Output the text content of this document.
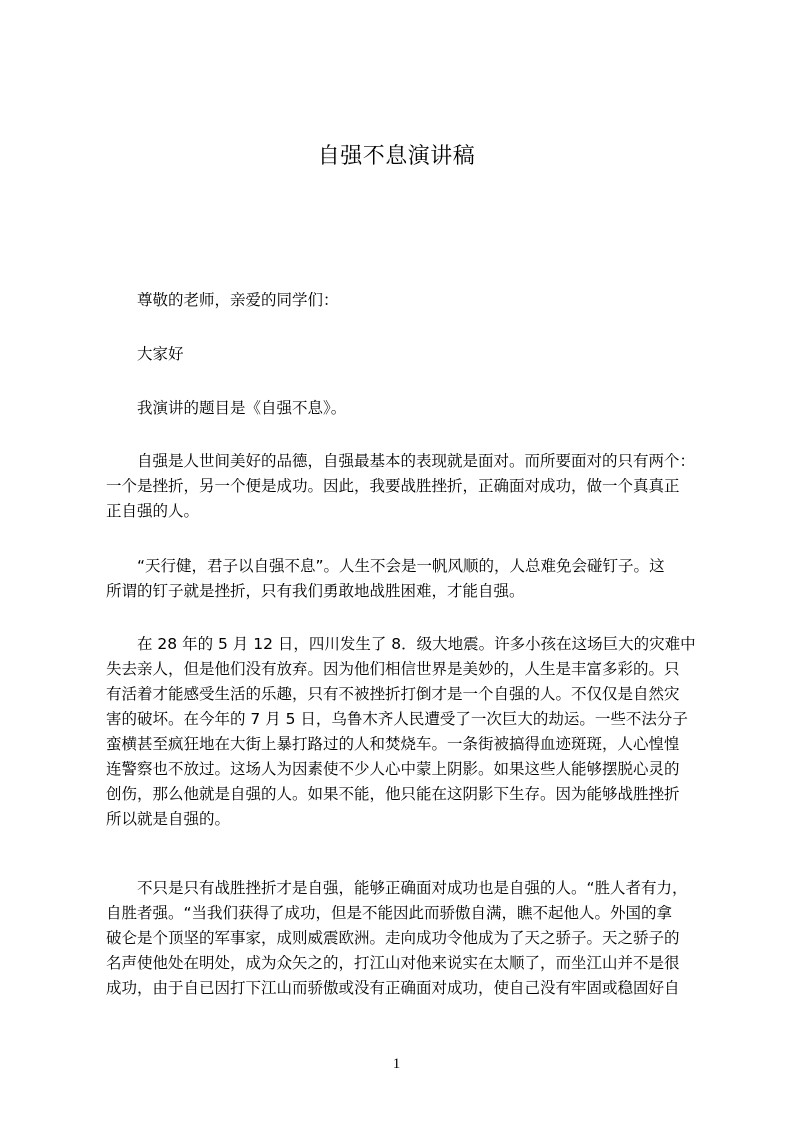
自强不息演讲稿
尊敬的老师，亲爱的同学们：
大家好
我演讲的题目是《自强不息》。
自强是人世间美好的品德，自强最基本的表现就是面对。而所要面对的只有两个：
一个是挫折，另一个便是成功。因此，我要战胜挫折，正确面对成功，做一个真真正
正自强的人。
“天行健，君子以自强不息”。人生不会是一帆风顺的，人总难免会碰钉子。这
所谓的钉子就是挫折，只有我们勇敢地战胜困难，才能自强。
在 28 年的 5 月 12 日，四川发生了 8．级大地震。许多小孩在这场巨大的灾难中
失去亲人，但是他们没有放弃。因为他们相信世界是美妙的，人生是丰富多彩的。只
有活着才能感受生活的乐趣，只有不被挫折打倒才是一个自强的人。不仅仅是自然灾
害的破坏。在今年的 7 月 5 日，乌鲁木齐人民遭受了一次巨大的劫运。一些不法分子
蛮横甚至疯狂地在大街上暴打路过的人和焚烧车。一条街被搞得血迹斑斑，人心惶惶
连警察也不放过。这场人为因素使不少人心中蒙上阴影。如果这些人能够摆脱心灵的
创伤，那么他就是自强的人。如果不能，他只能在这阴影下生存。因为能够战胜挫折
所以就是自强的。
不只是只有战胜挫折才是自强，能够正确面对成功也是自强的人。“胜人者有力，
自胜者强。“当我们获得了成功，但是不能因此而骄傲自满，瞧不起他人。外国的拿
破仑是个顶坚的军事家，成则威震欧洲。走向成功令他成为了天之骄子。天之骄子的
名声使他处在明处，成为众矢之的，打江山对他来说实在太顺了，而坐江山并不是很
成功，由于自已因打下江山而骄傲或没有正确面对成功，使自己没有牢固或稳固好自
1
